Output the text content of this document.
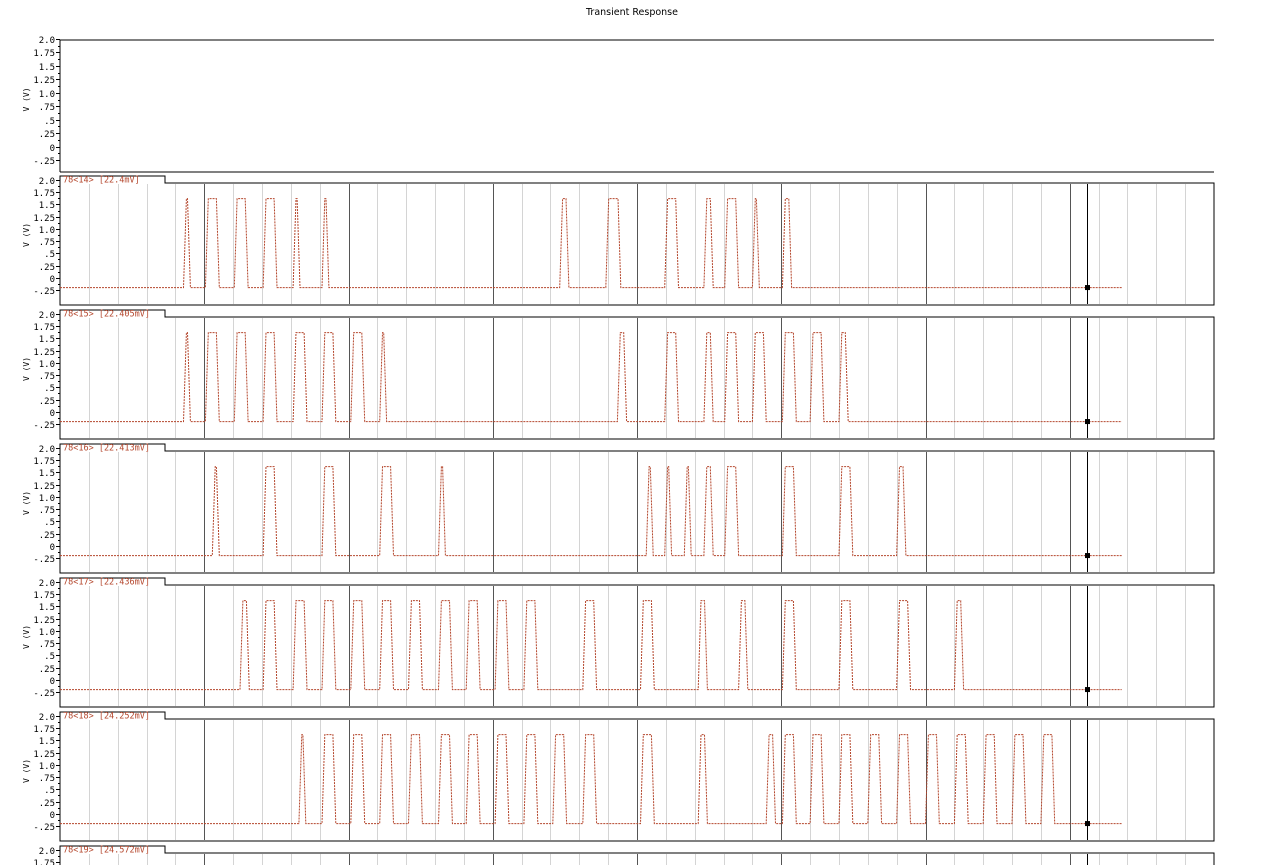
Transient Response
2.0
1.75
1.5
1.25
1.0
.75
.5
.25
0
-.25
V (V)
78<14> [22.4mV]
2.0
1.75
1.5
1.25
1.0
.75
.5
.25
0
-.25
V (V)
78<15> [22.405mV]
2.0
1.75
1.5
1.25
1.0
.75
.5
.25
0
-.25
V (V)
78<16> [22.413mV]
2.0
1.75
1.5
1.25
1.0
.75
.5
.25
0
-.25
V (V)
78<17> [22.436mV]
2.0
1.75
1.5
1.25
1.0
.75
.5
.25
0
-.25
V (V)
78<18> [24.252mV]
2.0
1.75
1.5
1.25
1.0
.75
.5
.25
0
-.25
V (V)
78<19> [24.572mV]
2.0
1.75
